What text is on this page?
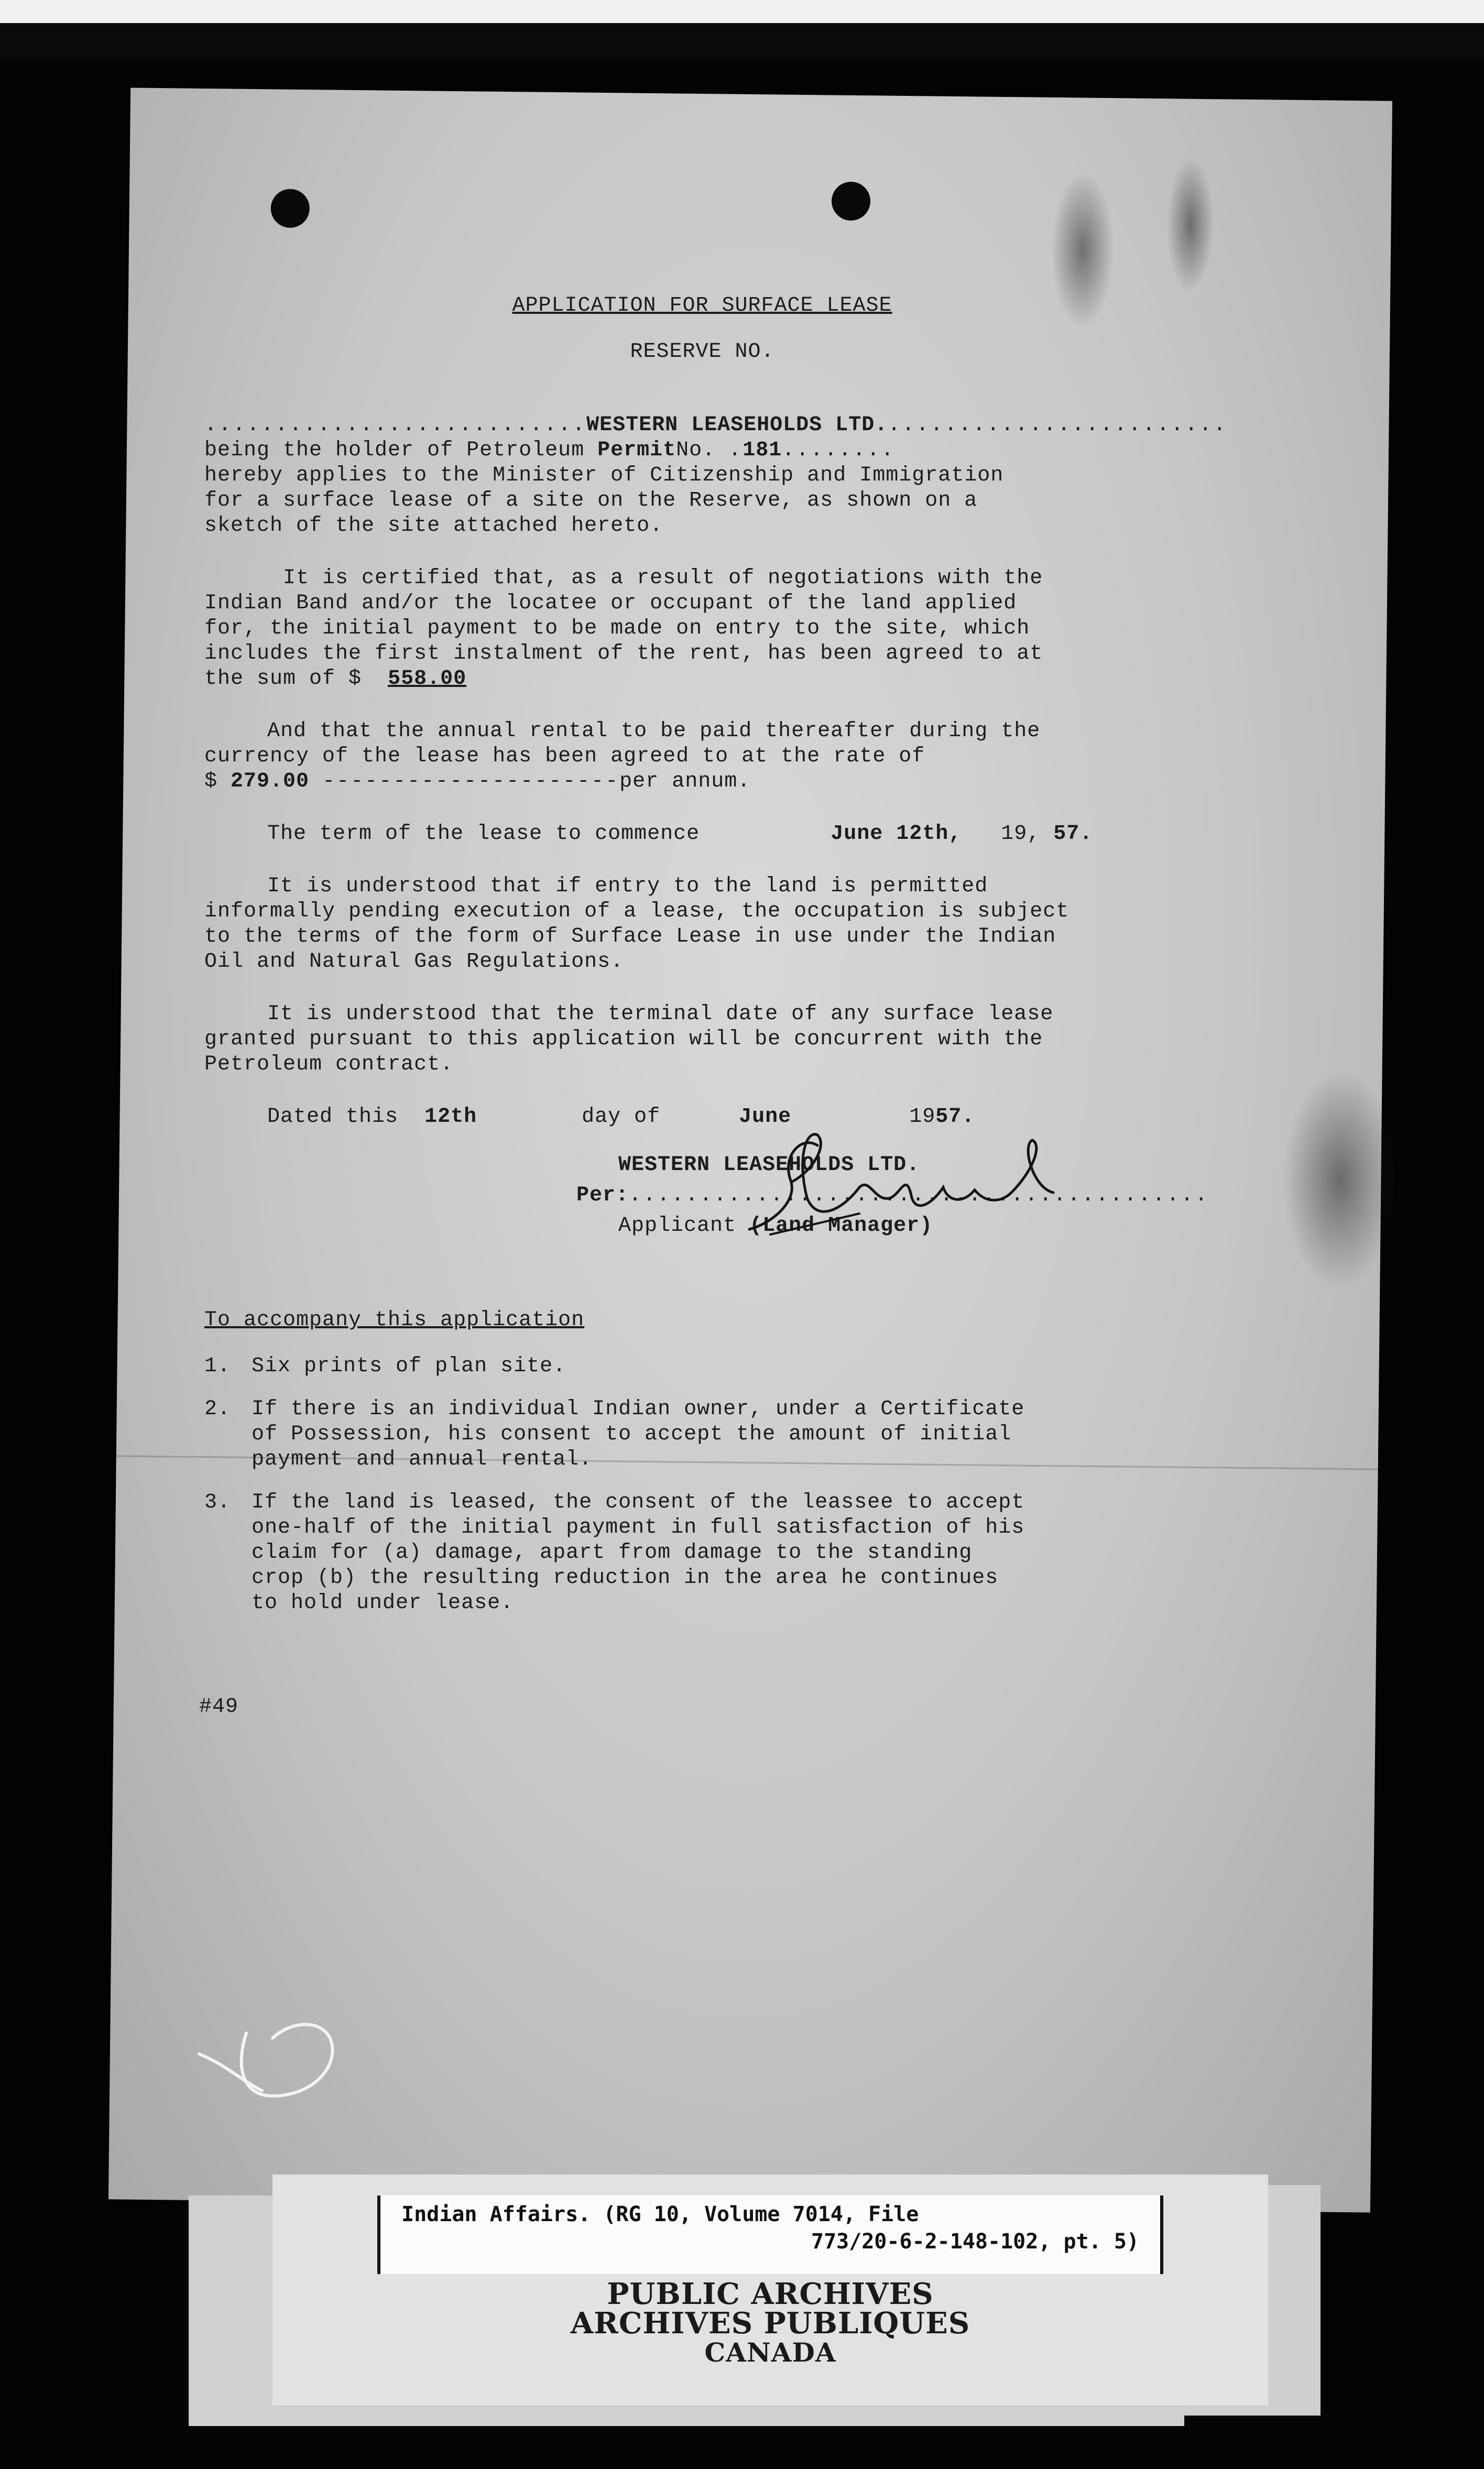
APPLICATION FOR SURFACE LEASE
RESERVE NO.
...........................WESTERN LEASEHOLDS LTD.........................
being the holder of Petroleum PermitNo. .181........
hereby applies to the Minister of Citizenship and Immigration
for a surface lease of a site on the Reserve, as shown on a
sketch of the site attached hereto.
It is certified that, as a result of negotiations with the
Indian Band and/or the locatee or occupant of the land applied
for, the initial payment to be made on entry to the site, which
includes the first instalment of the rent, has been agreed to at
the sum of $ 558.00
And that the annual rental to be paid thereafter during the
currency of the lease has been agreed to at the rate of
$ 279.00 ---------------------per annum.
The term of the lease to commence	June 12th, 19, 57.
It is understood that if entry to the land is permitted
informally pending execution of a lease, the occupation is subject
to the terms of the form of Surface Lease in use under the Indian
Oil and Natural Gas Regulations.
It is understood that the terminal date of any surface lease
granted pursuant to this application will be concurrent with the
Petroleum contract.
Dated this 12th	day of	June	1957.
WESTERN LEASEHOLDS LTD.
Per:.........................................
Applicant (Land Manager)
To accompany this application
1. Six prints of plan site.
2. If there is an individual Indian owner, under a Certificate of Possession, his consent to accept the amount of initial payment and annual rental.
3. If the land is leased, the consent of the leassee to accept one-half of the initial payment in full satisfaction of his claim for (a) damage, apart from damage to the standing crop (b) the resulting reduction in the area he continues to hold under lease.
#49
Indian Affairs. (RG 10, Volume 7014, File
773/20-6-2-148-102, pt. 5)
PUBLIC ARCHIVES
ARCHIVES PUBLIQUES
CANADA
